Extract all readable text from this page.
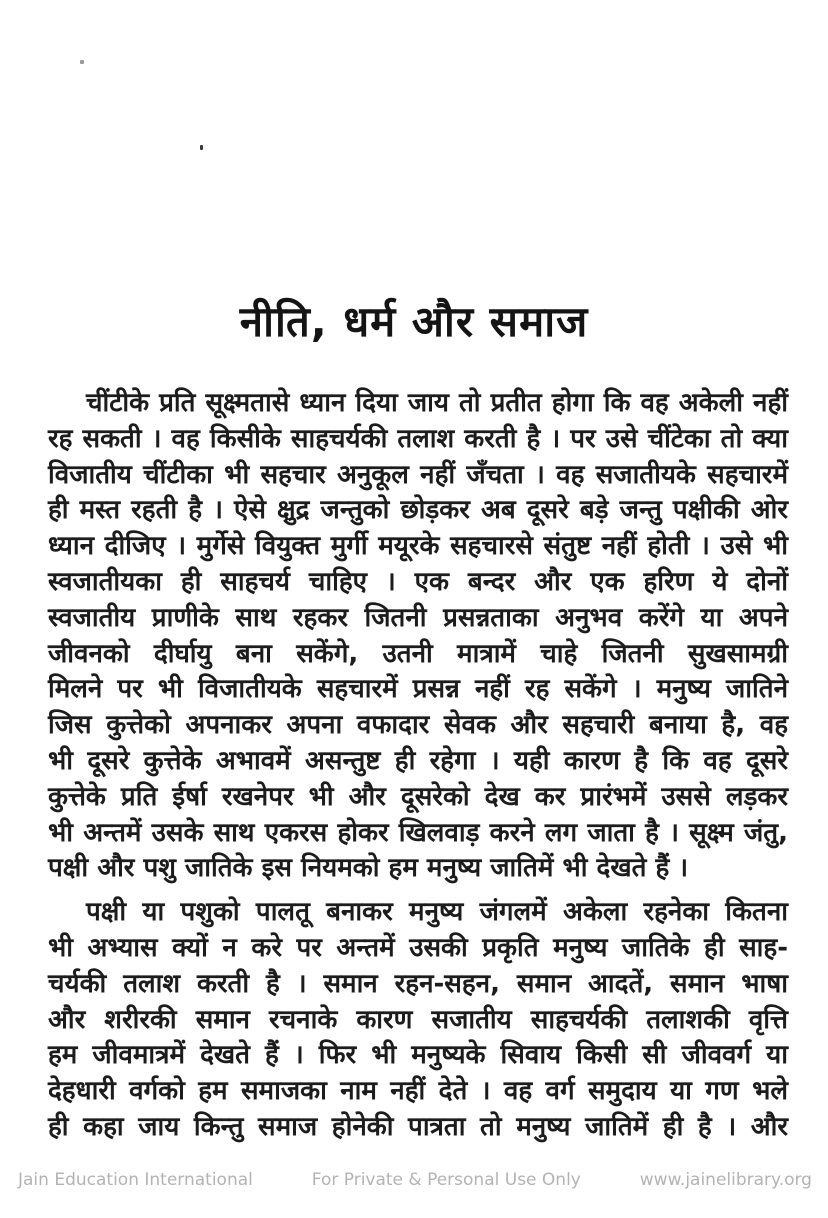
नीति, धर्म और समाज
चींटीके प्रति सूक्ष्मतासे ध्यान दिया जाय तो प्रतीत होगा कि वह अकेली नहीं
रह सकती । वह किसीके साहचर्यकी तलाश करती है । पर उसे चींटेका तो क्या
विजातीय चींटीका भी सहचार अनुकूल नहीं जँचता । वह सजातीयके सहचारमें
ही मस्त रहती है । ऐसे क्षुद्र जन्तुको छोड़कर अब दूसरे बड़े जन्तु पक्षीकी ओर
ध्यान दीजिए । मुर्गेसे वियुक्त मुर्गी मयूरके सहचारसे संतुष्ट नहीं होती । उसे भी
स्वजातीयका ही साहचर्य चाहिए । एक बन्दर और एक हरिण ये दोनों
स्वजातीय प्राणीके साथ रहकर जितनी प्रसन्नताका अनुभव करेंगे या अपने
जीवनको दीर्घायु बना सकेंगे, उतनी मात्रामें चाहे जितनी सुखसामग्री
मिलने पर भी विजातीयके सहचारमें प्रसन्न नहीं रह सकेंगे । मनुष्य जातिने
जिस कुत्तेको अपनाकर अपना वफादार सेवक और सहचारी बनाया है, वह
भी दूसरे कुत्तेके अभावमें असन्तुष्ट ही रहेगा । यही कारण है कि वह दूसरे
कुत्तेके प्रति ईर्षा रखनेपर भी और दूसरेको देख कर प्रारंभमें उससे लड़कर
भी अन्तमें उसके साथ एकरस होकर खिलवाड़ करने लग जाता है । सूक्ष्म जंतु,
पक्षी और पशु जातिके इस नियमको हम मनुष्य जातिमें भी देखते हैं ।
पक्षी या पशुको पालतू बनाकर मनुष्य जंगलमें अकेला रहनेका कितना
भी अभ्यास क्यों न करे पर अन्तमें उसकी प्रकृति मनुष्य जातिके ही साह-
चर्यकी तलाश करती है । समान रहन-सहन, समान आदतें, समान भाषा
और शरीरकी समान रचनाके कारण सजातीय साहचर्यकी तलाशकी वृत्ति
हम जीवमात्रमें देखते हैं । फिर भी मनुष्यके सिवाय किसी सी जीववर्ग या
देहधारी वर्गको हम समाजका नाम नहीं देते । वह वर्ग समुदाय या गण भले
ही कहा जाय किन्तु समाज होनेकी पात्रता तो मनुष्य जातिमें ही है । और
Jain Education International	For Private & Personal Use Only	www.jainelibrary.org
